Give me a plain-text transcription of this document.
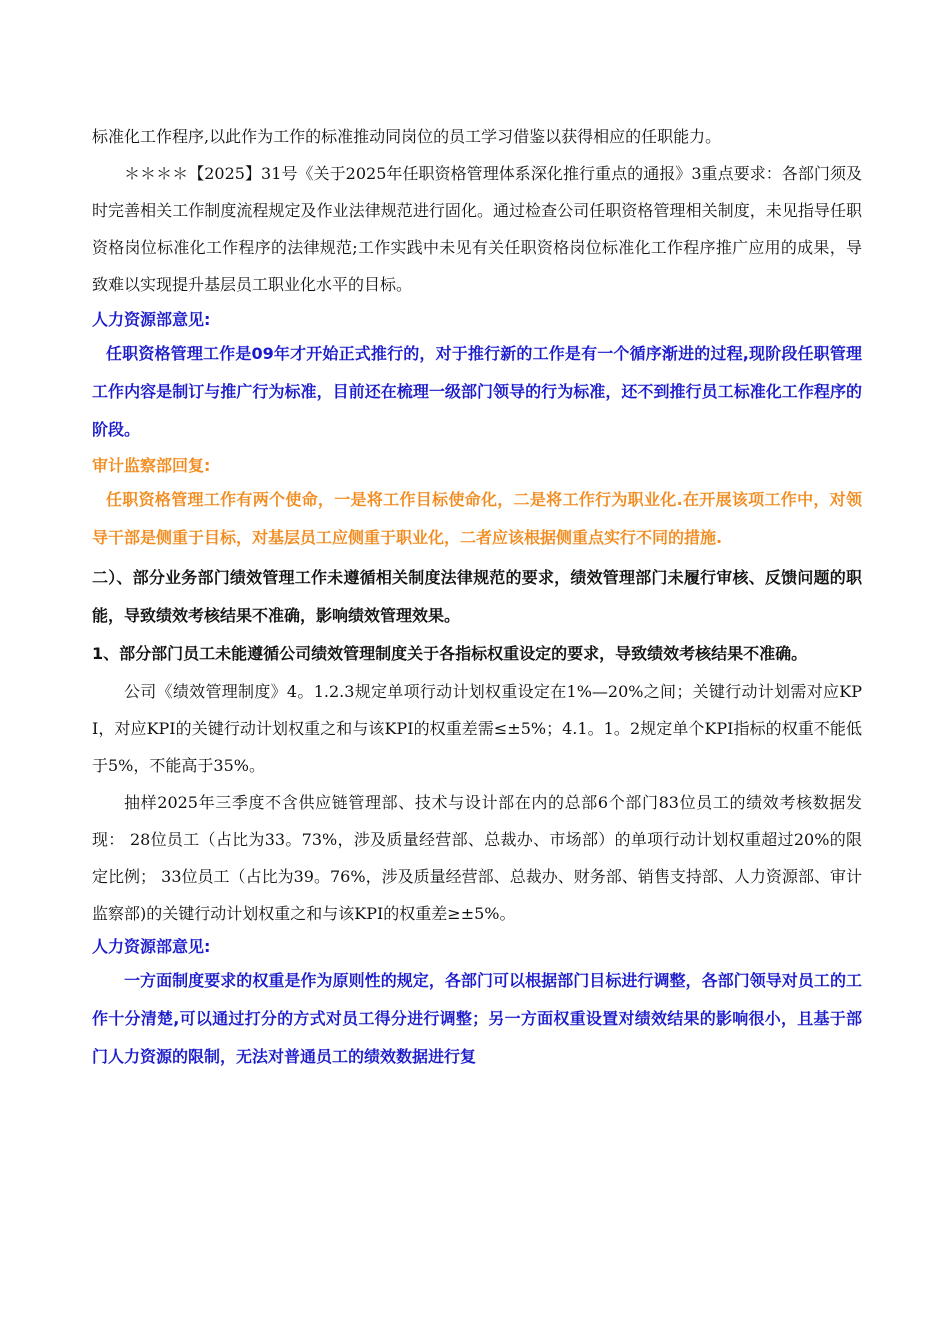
标准化工作程序,以此作为工作的标准推动同岗位的员工学习借鉴以获得相应的任职能力。

＊＊＊＊【2025】31号《关于2025年任职资格管理体系深化推行重点的通报》3重点要求：各部门须及时完善相关工作制度流程规定及作业法律规范进行固化。通过检查公司任职资格管理相关制度，未见指导任职资格岗位标准化工作程序的法律规范;工作实践中未见有关任职资格岗位标准化工作程序推广应用的成果，导致难以实现提升基层员工职业化水平的目标。

人力资源部意见:

任职资格管理工作是09年才开始正式推行的，对于推行新的工作是有一个循序渐进的过程,现阶段任职管理工作内容是制订与推广行为标准，目前还在梳理一级部门领导的行为标准，还不到推行员工标准化工作程序的阶段。

审计监察部回复:

任职资格管理工作有两个使命，一是将工作目标使命化，二是将工作行为职业化.在开展该项工作中，对领导干部是侧重于目标，对基层员工应侧重于职业化，二者应该根据侧重点实行不同的措施.

二）、部分业务部门绩效管理工作未遵循相关制度法律规范的要求，绩效管理部门未履行审核、反馈问题的职能，导致绩效考核结果不准确，影响绩效管理效果。

1、部分部门员工未能遵循公司绩效管理制度关于各指标权重设定的要求，导致绩效考核结果不准确。

公司《绩效管理制度》4。1.2.3规定单项行动计划权重设定在1%—20%之间；关键行动计划需对应KPI，对应KPI的关键行动计划权重之和与该KPI的权重差需≤±5%；4.1。1。2规定单个KPI指标的权重不能低于5%，不能高于35%。

抽样2025年三季度不含供应链管理部、技术与设计部在内的总部6个部门83位员工的绩效考核数据发现： 28位员工（占比为33。73%，涉及质量经营部、总裁办、市场部）的单项行动计划权重超过20%的限定比例； 33位员工（占比为39。76%，涉及质量经营部、总裁办、财务部、销售支持部、人力资源部、审计监察部)的关键行动计划权重之和与该KPI的权重差≥±5%。

人力资源部意见:

一方面制度要求的权重是作为原则性的规定，各部门可以根据部门目标进行调整，各部门领导对员工的工作十分清楚,可以通过打分的方式对员工得分进行调整；另一方面权重设置对绩效结果的影响很小，且基于部门人力资源的限制，无法对普通员工的绩效数据进行复
